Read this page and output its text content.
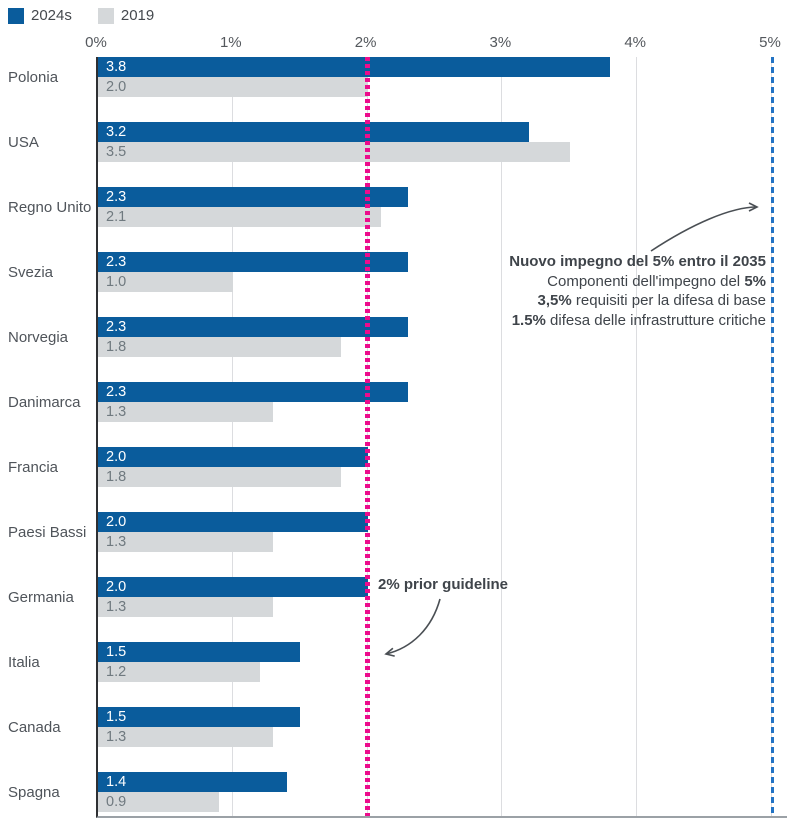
2024s	2019
0%	1%	2%	3%	4%	5%
3.8
2.0
3.2
3.5
2.3
2.1
2.3
1.0
2.3
1.8
2.3
1.3
2.0
1.8
2.0
1.3
2.0
1.3
1.5
1.2
1.5
1.3
1.4
0.9
Polonia
USA
Regno Unito
Svezia
Norvegia
Danimarca
Francia
Paesi Bassi
Germania
Italia
Canada
Spagna
Nuovo impegno del 5% entro il 2035
Componenti dell'impegno del 5%
3,5% requisiti per la difesa di base
1.5% difesa delle infrastrutture critiche
2% prior guideline
